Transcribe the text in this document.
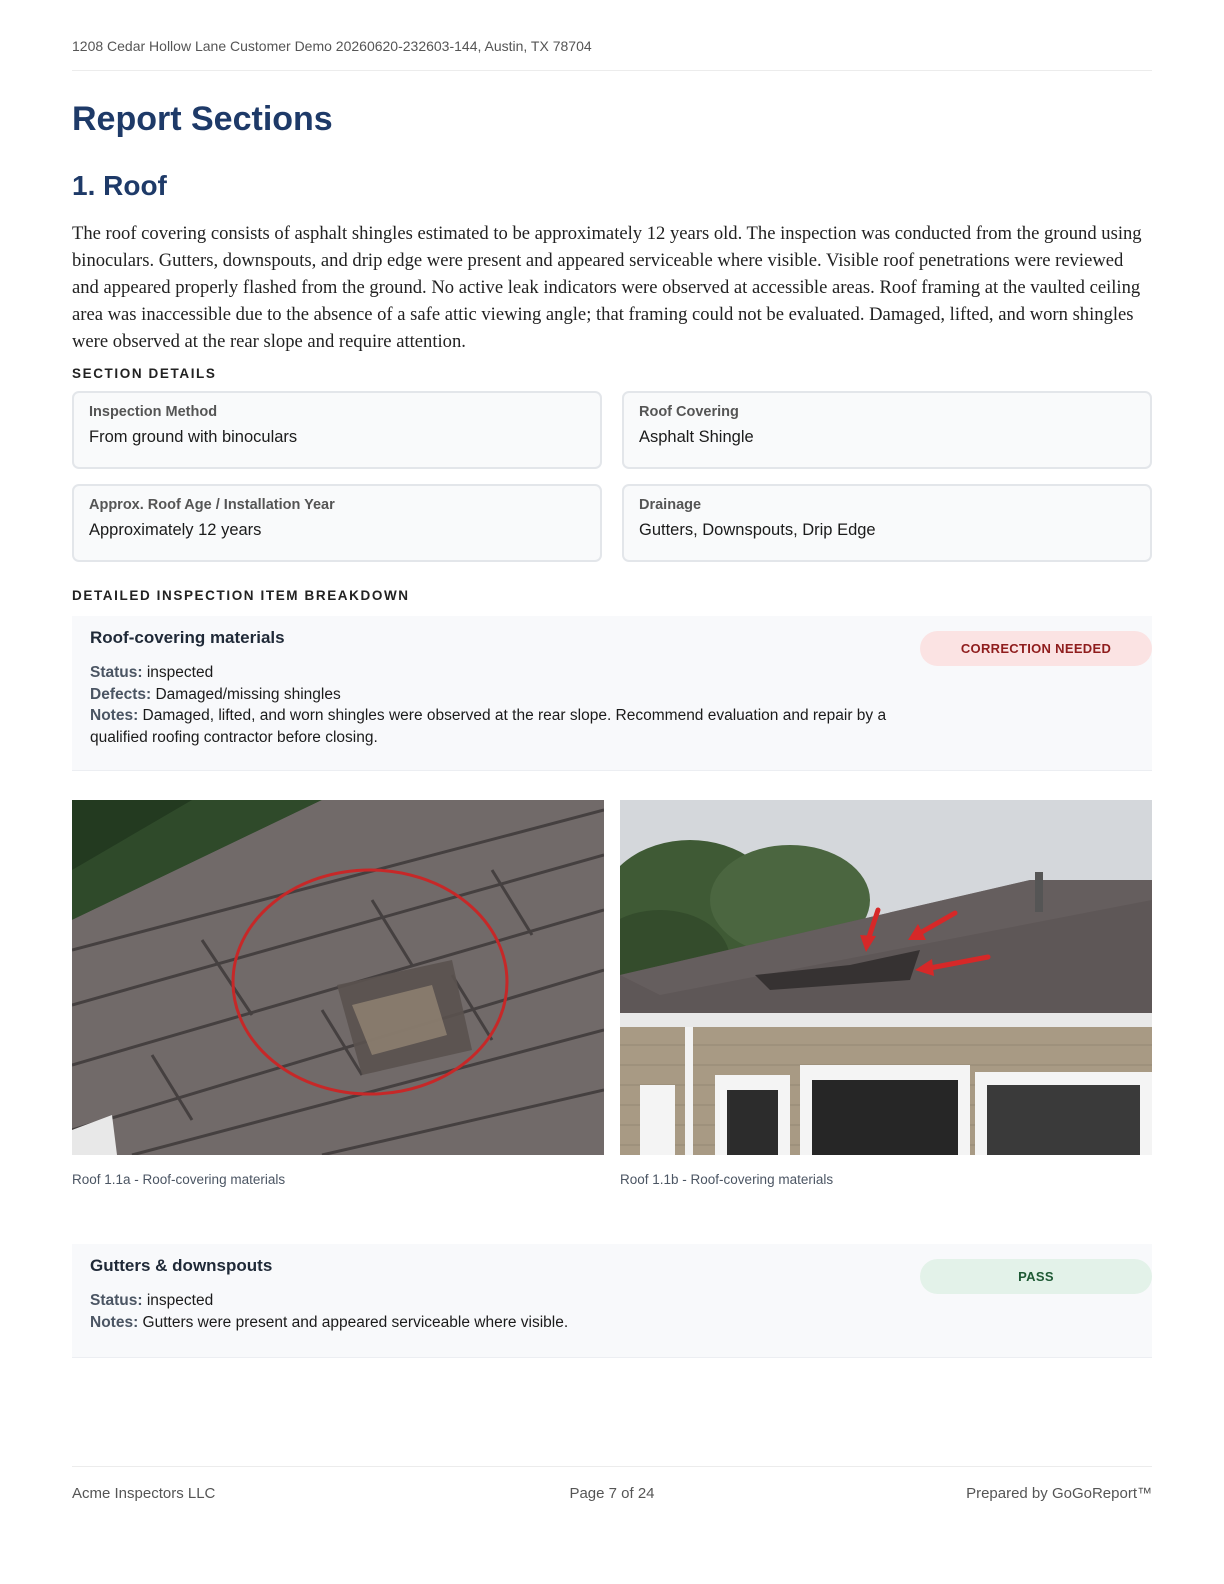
1208 Cedar Hollow Lane Customer Demo 20260620-232603-144, Austin, TX 78704
Report Sections
1. Roof

The roof covering consists of asphalt shingles estimated to be approximately 12 years old. The inspection was conducted from the ground using binoculars. Gutters, downspouts, and drip edge were present and appeared serviceable where visible. Visible roof penetrations were reviewed and appeared properly flashed from the ground. No active leak indicators were observed at accessible areas. Roof framing at the vaulted ceiling area was inaccessible due to the absence of a safe attic viewing angle; that framing could not be evaluated. Damaged, lifted, and worn shingles were observed at the rear slope and require attention.

SECTION DETAILS
Inspection Method
From ground with binoculars
Roof Covering
Asphalt Shingle
Approx. Roof Age / Installation Year
Approximately 12 years
Drainage
Gutters, Downspouts, Drip Edge
DETAILED INSPECTION ITEM BREAKDOWN
Roof-covering materials
CORRECTION NEEDED
Status: inspected
Defects: Damaged/missing shingles
Notes: Damaged, lifted, and worn shingles were observed at the rear slope. Recommend evaluation and repair by a qualified roofing contractor before closing.
Roof 1.1a - Roof-covering materials	Roof 1.1b - Roof-covering materials
Gutters & downspouts
PASS
Status: inspected
Notes: Gutters were present and appeared serviceable where visible.
Acme Inspectors LLC	Page 7 of 24	Prepared by GoGoReport™
